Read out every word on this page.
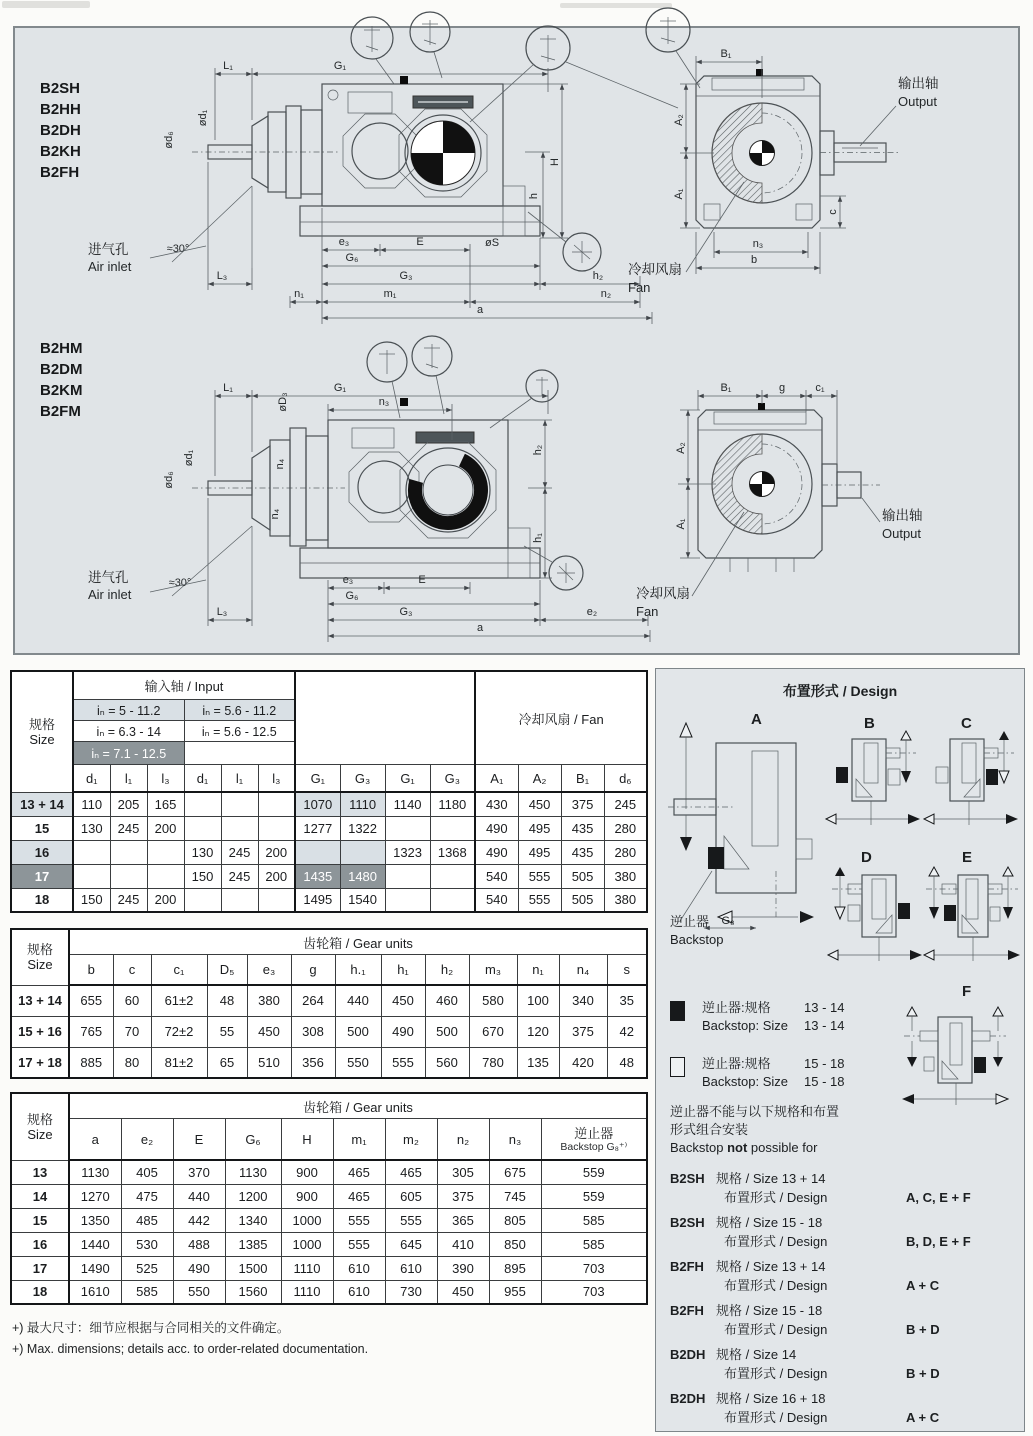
L₁	G₁
ød₁
ød₆
≈30°
h
H
e₃	E	øS
G₆
L₃	G₃	h₂
n₁	m₁	n₂
a
进气孔
Air inlet
B₁
A₂
A₁
c
n₃
b
输出轴
Output
冷却风扇
Fan
L₁	G₁
n₃
øD₃
n₄
n₄
ød₁
ød₆
≈30°
h₂
h₁
e₃	E
G₆
L₃	G₃	e₂
a
进气孔
Air inlet
B₁	g	c₁
A₂
A₁
输出轴
Output
冷却风扇
Fan
B2SH
B2HH
B2DH
B2KH
B2FH
B2HM
B2DM
B2KM
B2FM
规格
Size	输入轴 / Input										冷却风扇 / Fan			
	iₙ = 5 - 11.2			iₙ = 5.6 - 11.2										
	iₙ = 6.3 - 14			iₙ = 5.6 - 12.5										
	iₙ = 7.1 - 12.5													
	d₁	l₁	l₃	d₁	l₁	l₃	G₁	G₃	G₁	G₃	A₁	A₂	B₁	d₆
13 + 14	110	205	165				1070	1110	1140	1180	430	450	375	245
15	130	245	200				1277	1322			490	495	435	280
16				130	245	200			1323	1368	490	495	435	280
17				150	245	200	1435	1480			540	555	505	380
18	150	245	200				1495	1540			540	555	505	380
规格
Size	齿轮箱 / Gear units												
	b	c	c₁	D₅	e₃	g	h.₁	h₁	h₂	m₃	n₁	n₄	s
13 + 14	655	60	61±2	48	380	264	440	450	460	580	100	340	35
15 + 16	765	70	72±2	55	450	308	500	490	500	670	120	375	42
17 + 18	885	80	81±2	65	510	356	550	555	560	780	135	420	48
规格
Size	齿轮箱 / Gear units									
	a	e₂	E	G₆	H	m₁	m₂	n₂	n₃	逆止器
Backstop G₈⁺⁾

13	1130	405	370	1130	900	465	465	305	675	559
14	1270	475	440	1200	900	465	605	375	745	559
15	1350	485	442	1340	1000	555	555	365	805	585
16	1440	530	488	1385	1000	555	645	410	850	585
17	1490	525	490	1500	1110	610	610	390	895	703
18	1610	585	550	1560	1110	610	730	450	955	703
+) 最大尺寸：细节应根据与合同相关的文件确定。
+) Max. dimensions; details acc. to order-related documentation.
布置形式 / Design
A	B	C
D	E
F
G₈
逆止器
Backstop
逆止器:规格	13 - 14
Backstop: Size 13 - 14
逆止器:规格	15 - 18
Backstop: Size 15 - 18
逆止器不能与以下规格和布置
形式组合安装
Backstop not possible for
B2SH 规格 / Size 13 + 14
布置形式 / Design	A, C, E + F
B2SH 规格 / Size 15 - 18
布置形式 / Design	B, D, E + F
B2FH 规格 / Size 13 + 14
布置形式 / Design	A + C
B2FH 规格 / Size 15 - 18
布置形式 / Design	B + D
B2DH 规格 / Size 14
布置形式 / Design	B + D
B2DH 规格 / Size 16 + 18
布置形式 / Design	A + C
